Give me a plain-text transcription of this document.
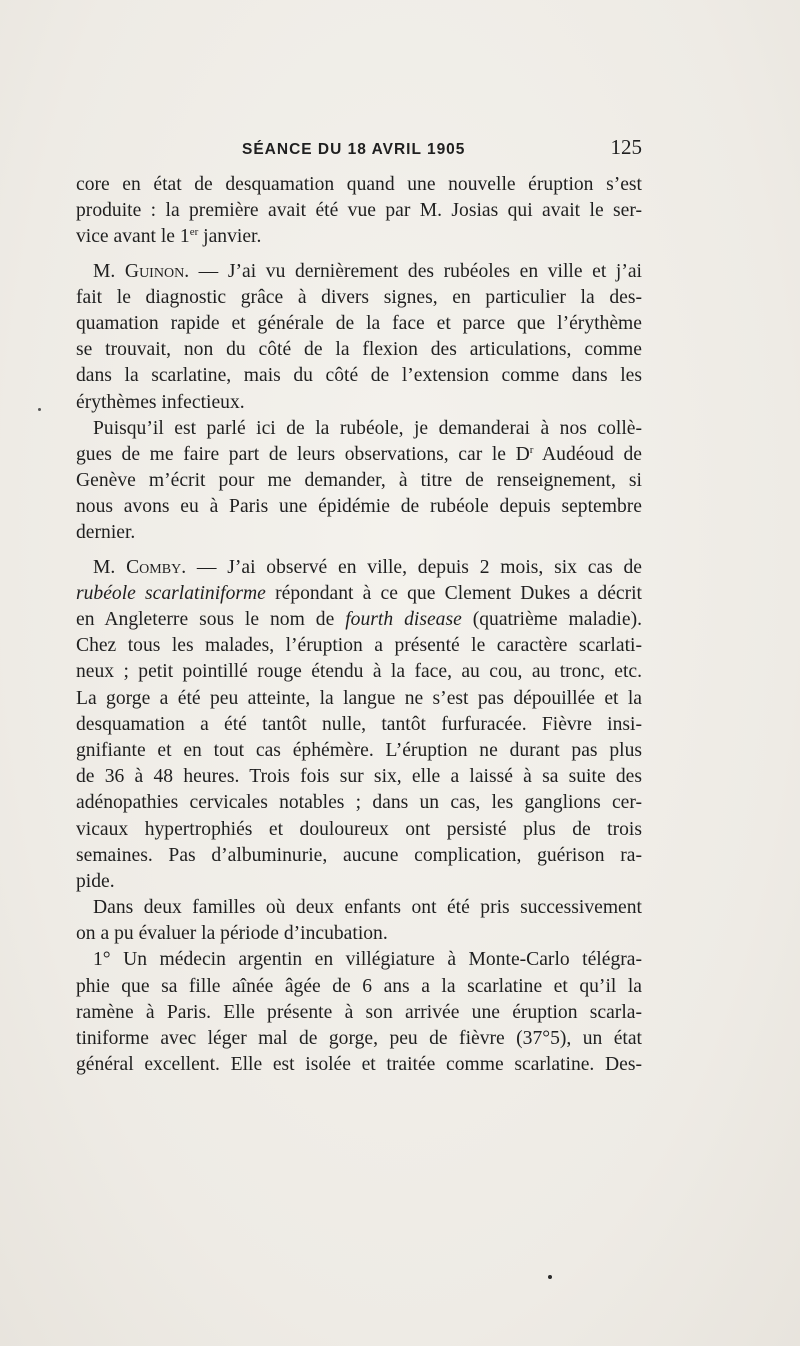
SÉANCE DU 18 AVRIL 1905	125
core en état de desquamation quand une nouvelle éruption s’est
produite : la première avait été vue par M. Josias qui avait le ser-
vice avant le 1er janvier.
M. Guinon. — J’ai vu dernièrement des rubéoles en ville et j’ai
fait le diagnostic grâce à divers signes, en particulier la des-
quamation rapide et générale de la face et parce que l’érythème
se trouvait, non du côté de la flexion des articulations, comme
dans la scarlatine, mais du côté de l’extension comme dans les
érythèmes infectieux.
Puisqu’il est parlé ici de la rubéole, je demanderai à nos collè-
gues de me faire part de leurs observations, car le $D^r$ Audéoud de
Genève m’écrit pour me demander, à titre de renseignement, si
nous avons eu à Paris une épidémie de rubéole depuis septembre
dernier.
M. Comby. — J’ai observé en ville, depuis 2 mois, six cas de
rubéole scarlatiniforme répondant à ce que Clement Dukes a décrit
en Angleterre sous le nom de fourth disease (quatrième maladie).
Chez tous les malades, l’éruption a présenté le caractère scarlati-
neux ; petit pointillé rouge étendu à la face, au cou, au tronc, etc.
La gorge a été peu atteinte, la langue ne s’est pas dépouillée et la
desquamation a été tantôt nulle, tantôt furfuracée. Fièvre insi-
gnifiante et en tout cas éphémère. L’éruption ne durant pas plus
de 36 à 48 heures. Trois fois sur six, elle a laissé à sa suite des
adénopathies cervicales notables ; dans un cas, les ganglions cer-
vicaux hypertrophiés et douloureux ont persisté plus de trois
semaines. Pas d’albuminurie, aucune complication, guérison ra-
pide.
Dans deux familles où deux enfants ont été pris successivement
on a pu évaluer la période d’incubation.
1° Un médecin argentin en villégiature à Monte-Carlo télégra-
phie que sa fille aînée âgée de 6 ans a la scarlatine et qu’il la
ramène à Paris. Elle présente à son arrivée une éruption scarla-
tiniforme avec léger mal de gorge, peu de fièvre (37°5), un état
général excellent. Elle est isolée et traitée comme scarlatine. Des-
